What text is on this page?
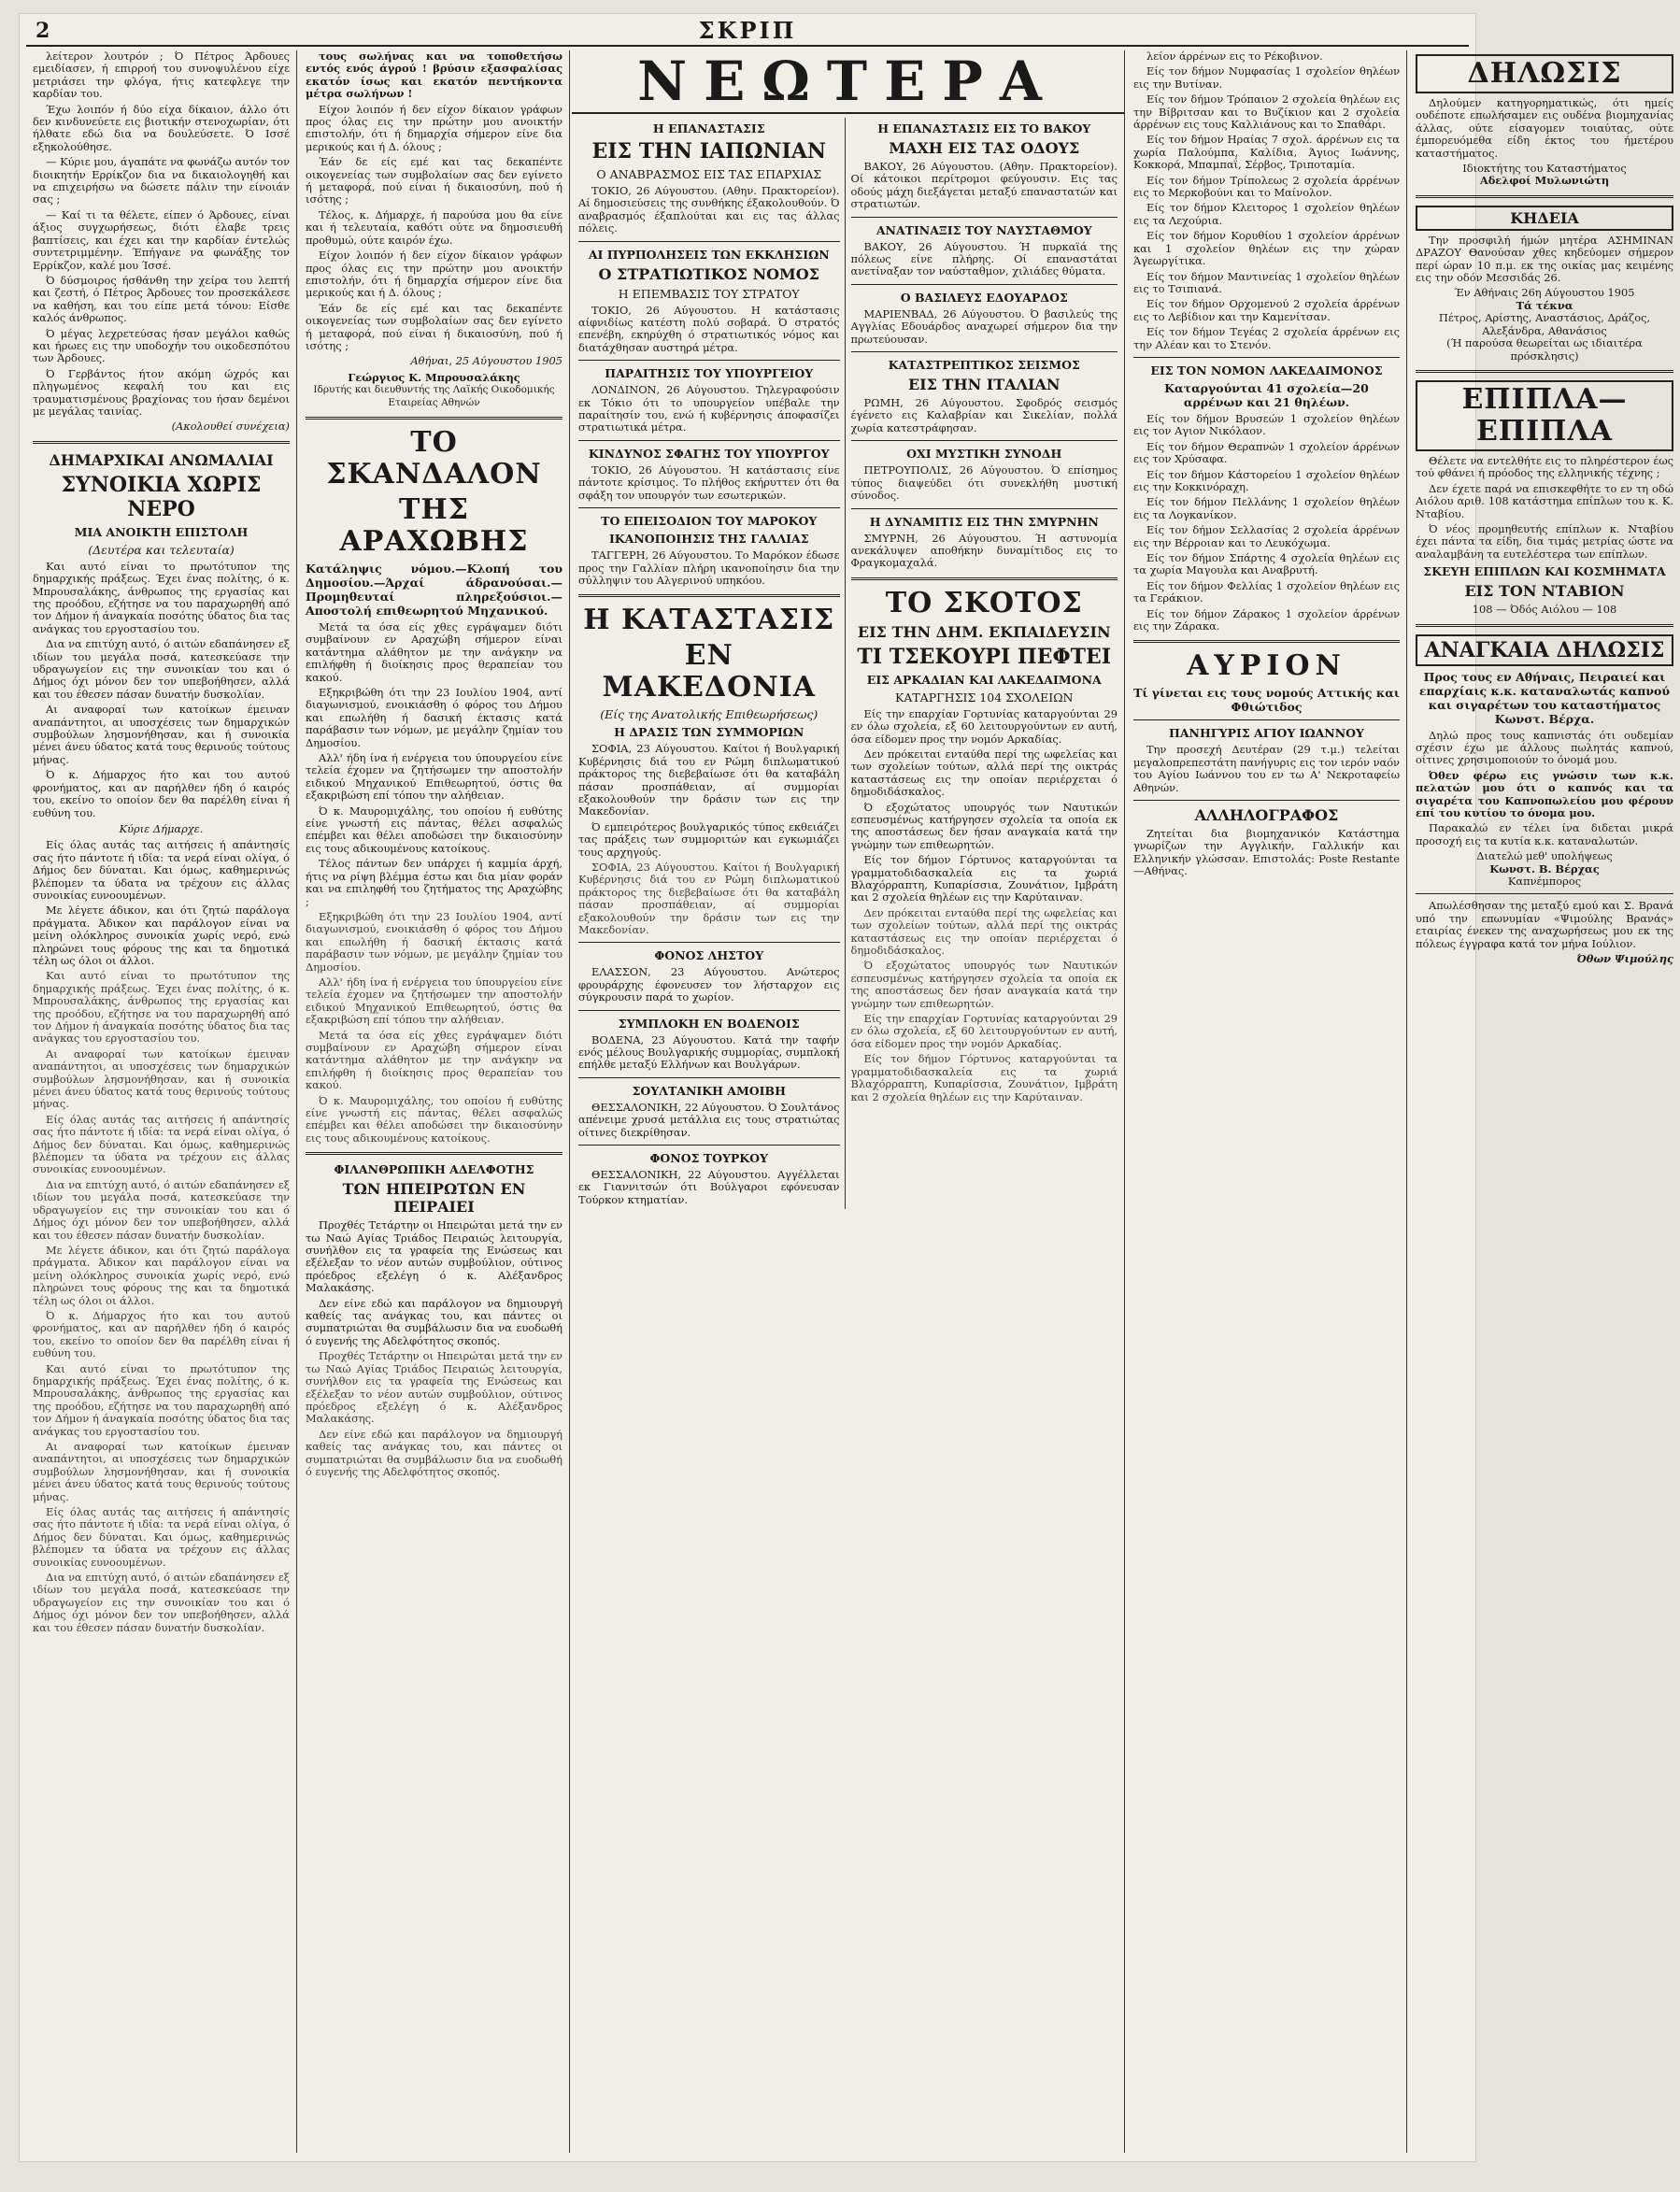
2	ΣΚΡΙΠ

λείτερον λουτρόν ; Ό Πέτρος Άρδουες εμειδίασεν, ή επιρροή του συνοψυλένου είχε μετριάσει την φλόγα, ήτις κατεφλεγε την καρδίαν του.

Έχω λοιπόν ή δύο είχα δίκαιον, άλλο ότι δεν κινδυνεύετε εις βιοτικήν στενοχωρίαν, ότι ήλθατε εδώ δια να δουλεύσετε. Ό Ισσέ εξηκολούθησε.

— Κύριε μου, άγαπάτε να φωνάζω αυτόν τον διοικητήν Ερρίκζον δια να δικαιολογηθή και να επιχειρήσω να δώσετε πάλιν την είνοιάν σας ;

— Καί τι τα θέλετε, είπεν ό Άρδουες, είναι άξιος συγχωρήσεως, διότι έλαβε τρεις βαπτίσεις, και έχει και την καρδίαν έντελώς συντετριμμένην. Έπήγανε να φωνάξης τον Ερρίκζον, καλέ μου Ίσσέ.

Ό δύσμοιρος ήσθάνθη την χείρα του λεπτή και ζεστή, ό Πέτρος Άρδουες τον προσεκάλεσε να καθήση, και του είπε μετά τόνου: Είσθε καλός άνθρωπος.

Ό μέγας λεχρετεύσας ήσαν μεγάλοι καθώς και ήρωες εις την υποδοχήν του οικοδεσπότου των Άρδουες.

Ό Γερβάντος ήτον ακόμη ώχρός και πληγωμένος κεφαλή του και εις τραυματισμένους βραχίονας του ήσαν δεμένοι με μεγάλας ταινίας.

(Ακολουθεί συνέχεια)
ΔΗΜΑΡΧΙΚΑΙ ΑΝΩΜΑΛΙΑΙ
ΣΥΝΟΙΚΙΑ ΧΩΡΙΣ ΝΕΡΟ
ΜΙΑ ΑΝΟΙΚΤΗ ΕΠΙΣΤΟΛΗ
(Δευτέρα και τελευταία)

Και αυτό είναι το πρωτότυπον της δημαρχικής πράξεως. Έχει ένας πολίτης, ό κ. Μπρουσαλάκης, άνθρωπος της εργασίας και της προόδου, εζήτησε να του παραχωρηθή από τον Δήμον ή άναγκαία ποσότης ύδατος δια τας ανάγκας του εργοστασίου του.

Δια να επιτύχη αυτό, ό αιτών εδαπάνησεν εξ ιδίων του μεγάλα ποσά, κατεσκεύασε την υδραγωγείον εις την συνοικίαν του και ό Δήμος όχι μόνον δεν τον υπεβοήθησεν, αλλά και του έθεσεν πάσαν δυνατήν δυσκολίαν.

Αι αναφοραί των κατοίκων έμειναν αναπάντητοι, αι υποσχέσεις των δημαρχικών συμβούλων λησμονήθησαν, και ή συνοικία μένει άνευ ύδατος κατά τους θερινούς τούτους μήνας.

Ό κ. Δήμαρχος ήτο και του αυτού φρονήματος, και αν παρήλθεν ήδη ό καιρός του, εκείνο το οποίον δεν θα παρέλθη είναι ή ευθύνη του.

Κύριε Δήμαρχε.

Είς όλας αυτάς τας αιτήσεις ή απάντησίς σας ήτο πάντοτε ή ιδία: τα νερά είναι ολίγα, ό Δήμος δεν δύναται. Και όμως, καθημερινώς βλέπομεν τα ύδατα να τρέχουν εις άλλας συνοικίας ευνοουμένων.

Με λέγετε άδικον, και ότι ζητώ παράλογα πράγματα. Άδικον και παράλογον είναι να μείνη ολόκληρος συνοικία χωρίς νερό, ενώ πληρώνει τους φόρους της και τα δημοτικά τέλη ως όλοι οι άλλοι.

Και αυτό είναι το πρωτότυπον της δημαρχικής πράξεως. Έχει ένας πολίτης, ό κ. Μπρουσαλάκης, άνθρωπος της εργασίας και της προόδου, εζήτησε να του παραχωρηθή από τον Δήμον ή άναγκαία ποσότης ύδατος δια τας ανάγκας του εργοστασίου του.

Αι αναφοραί των κατοίκων έμειναν αναπάντητοι, αι υποσχέσεις των δημαρχικών συμβούλων λησμονήθησαν, και ή συνοικία μένει άνευ ύδατος κατά τους θερινούς τούτους μήνας.

Είς όλας αυτάς τας αιτήσεις ή απάντησίς σας ήτο πάντοτε ή ιδία: τα νερά είναι ολίγα, ό Δήμος δεν δύναται. Και όμως, καθημερινώς βλέπομεν τα ύδατα να τρέχουν εις άλλας συνοικίας ευνοουμένων.

Δια να επιτύχη αυτό, ό αιτών εδαπάνησεν εξ ιδίων του μεγάλα ποσά, κατεσκεύασε την υδραγωγείον εις την συνοικίαν του και ό Δήμος όχι μόνον δεν τον υπεβοήθησεν, αλλά και του έθεσεν πάσαν δυνατήν δυσκολίαν.

Με λέγετε άδικον, και ότι ζητώ παράλογα πράγματα. Άδικον και παράλογον είναι να μείνη ολόκληρος συνοικία χωρίς νερό, ενώ πληρώνει τους φόρους της και τα δημοτικά τέλη ως όλοι οι άλλοι.

Ό κ. Δήμαρχος ήτο και του αυτού φρονήματος, και αν παρήλθεν ήδη ό καιρός του, εκείνο το οποίον δεν θα παρέλθη είναι ή ευθύνη του.

Και αυτό είναι το πρωτότυπον της δημαρχικής πράξεως. Έχει ένας πολίτης, ό κ. Μπρουσαλάκης, άνθρωπος της εργασίας και της προόδου, εζήτησε να του παραχωρηθή από τον Δήμον ή άναγκαία ποσότης ύδατος δια τας ανάγκας του εργοστασίου του.

Αι αναφοραί των κατοίκων έμειναν αναπάντητοι, αι υποσχέσεις των δημαρχικών συμβούλων λησμονήθησαν, και ή συνοικία μένει άνευ ύδατος κατά τους θερινούς τούτους μήνας.

Είς όλας αυτάς τας αιτήσεις ή απάντησίς σας ήτο πάντοτε ή ιδία: τα νερά είναι ολίγα, ό Δήμος δεν δύναται. Και όμως, καθημερινώς βλέπομεν τα ύδατα να τρέχουν εις άλλας συνοικίας ευνοουμένων.

Δια να επιτύχη αυτό, ό αιτών εδαπάνησεν εξ ιδίων του μεγάλα ποσά, κατεσκεύασε την υδραγωγείον εις την συνοικίαν του και ό Δήμος όχι μόνον δεν τον υπεβοήθησεν, αλλά και του έθεσεν πάσαν δυνατήν δυσκολίαν.

τους σωλήνας και να τοποθετήσω εντός ενός άγρού ! βρύσιν εξασφαλίσας εκατόν ίσως και εκατόν πεντήκοντα μέτρα σωλήνων !

Είχον λοιπόν ή δεν είχον δίκαιον γράφων προς όλας εις την πρώτην μου ανοικτήν επιστολήν, ότι ή δημαρχία σήμερον είνε δια μερικούς και ή Δ. όλους ;

Έάν δε είς εμέ και τας δεκαπέντε οικογενείας των συμβολαίων σας δεν εγίνετο ή μεταφορά, πού είναι ή δικαιοσύνη, πού ή ισότης ;

Τέλος, κ. Δήμαρχε, ή παρούσα μου θα είνε και ή τελευταία, καθότι ούτε να δημοσιευθή προθυμώ, ούτε καιρόν έχω.

Είχον λοιπόν ή δεν είχον δίκαιον γράφων προς όλας εις την πρώτην μου ανοικτήν επιστολήν, ότι ή δημαρχία σήμερον είνε δια μερικούς και ή Δ. όλους ;

Έάν δε είς εμέ και τας δεκαπέντε οικογενείας των συμβολαίων σας δεν εγίνετο ή μεταφορά, πού είναι ή δικαιοσύνη, πού ή ισότης ;

Αθήναι, 25 Αύγουστου 1905
Γεώργιος Κ. Μπρουσαλάκης
Ιδρυτής και διευθυντής της Λαϊκής Οικοδομικής Εταιρείας Αθηνών
ΤΟ ΣΚΑΝΔΑΛΟΝ
ΤΗΣ ΑΡΑΧΩΒΗΣ
Κατάληψις νόμου.—Κλοπή του Δημοσίου.—Άρχαί άδρανούσαι.—Προμηθευταί πληρεξούσιοι.—Αποστολή επιθεωρητού Μηχανικού.

Μετά τα όσα είς χθες εγράψαμεν διότι συμβαίνουν εν Αραχώβη σήμερον είναι κατάντημα αλάθητον με την ανάγκην να επιλήφθη ή διοίκησις προς θεραπείαν του κακού.

Εξηκριβώθη ότι την 23 Ιουλίου 1904, αντί διαγωνισμού, ενοικιάσθη ό φόρος του Δήμου και επωλήθη ή δασική έκτασις κατά παράβασιν των νόμων, με μεγάλην ζημίαν του Δημοσίου.

Αλλ' ήδη ίνα ή ενέργεια του ύπουργείου είνε τελεία έχομεν να ζητήσωμεν την αποστολήν ειδικού Μηχανικού Επιθεωρητού, όστις θα εξακριβώση επί τόπου την αλήθειαν.

Ό κ. Μαυρομιχάλης, του οποίου ή ευθύτης είνε γνωστή εις πάντας, θέλει ασφαλώς επέμβει και θέλει αποδώσει την δικαιοσύνην εις τους αδικουμένους κατοίκους.

Τέλος πάντων δεν υπάρχει ή καμμία άρχή, ήτις να ρίψη βλέμμα έστω και δια μίαν φοράν και να επιληφθή του ζητήματος της Αραχώβης ;

Εξηκριβώθη ότι την 23 Ιουλίου 1904, αντί διαγωνισμού, ενοικιάσθη ό φόρος του Δήμου και επωλήθη ή δασική έκτασις κατά παράβασιν των νόμων, με μεγάλην ζημίαν του Δημοσίου.

Αλλ' ήδη ίνα ή ενέργεια του ύπουργείου είνε τελεία έχομεν να ζητήσωμεν την αποστολήν ειδικού Μηχανικού Επιθεωρητού, όστις θα εξακριβώση επί τόπου την αλήθειαν.

Μετά τα όσα είς χθες εγράψαμεν διότι συμβαίνουν εν Αραχώβη σήμερον είναι κατάντημα αλάθητον με την ανάγκην να επιλήφθη ή διοίκησις προς θεραπείαν του κακού.

Ό κ. Μαυρομιχάλης, του οποίου ή ευθύτης είνε γνωστή εις πάντας, θέλει ασφαλώς επέμβει και θέλει αποδώσει την δικαιοσύνην εις τους αδικουμένους κατοίκους.

ΦΙΛΑΝΘΡΩΠΙΚΗ ΑΔΕΛΦΟΤΗΣ
ΤΩΝ ΗΠΕΙΡΩΤΩΝ ΕΝ ΠΕΙΡΑΙΕΙ

Προχθές Τετάρτην οι Ηπειρώται μετά την εν τω Ναώ Αγίας Τριάδος Πειραιώς λειτουργία, συνήλθον εις τα γραφεία της Ενώσεως και εξέλεξαν το νέον αυτών συμβούλιον, ούτινος πρόεδρος εξελέγη ό κ. Αλέξανδρος Μαλακάσης.

Δεν είνε εδώ και παράλογον να δημιουργή καθείς τας ανάγκας του, και πάντες οι συμπατριώται θα συμβάλωσιν δια να ευοδωθή ό ευγενής της Αδελφότητος σκοπός.

Προχθές Τετάρτην οι Ηπειρώται μετά την εν τω Ναώ Αγίας Τριάδος Πειραιώς λειτουργία, συνήλθον εις τα γραφεία της Ενώσεως και εξέλεξαν το νέον αυτών συμβούλιον, ούτινος πρόεδρος εξελέγη ό κ. Αλέξανδρος Μαλακάσης.

Δεν είνε εδώ και παράλογον να δημιουργή καθείς τας ανάγκας του, και πάντες οι συμπατριώται θα συμβάλωσιν δια να ευοδωθή ό ευγενής της Αδελφότητος σκοπός.

ΝΕΩΤΕΡΑ
Η ΕΠΑΝΑΣΤΑΣΙΣ
ΕΙΣ ΤΗΝ ΙΑΠΩΝΙΑΝ
Ο ΑΝΑΒΡΑΣΜΟΣ ΕΙΣ ΤΑΣ ΕΠΑΡΧΙΑΣ

ΤΟΚΙΟ, 26 Αύγουστου. (Αθην. Πρακτορείον). Αί δημοσιεύσεις της συνθήκης έξακολουθούν. Ό αναβρασμός έξαπλούται και εις τας άλλας πόλεις.

ΑΙ ΠΥΡΠΟΛΗΣΕΙΣ ΤΩΝ ΕΚΚΛΗΣΙΩΝ
Ο ΣΤΡΑΤΙΩΤΙΚΟΣ ΝΟΜΟΣ
Η ΕΠΕΜΒΑΣΙΣ ΤΟΥ ΣΤΡΑΤΟΥ

ΤΟΚΙΟ, 26 Αύγουστου. Η κατάστασις αίφνιδίως κατέστη πολύ σοβαρά. Ό στρατός επενέβη, εκηρύχθη ό στρατιωτικός νόμος και διατάχθησαν αυστηρά μέτρα.

ΠΑΡΑΙΤΗΣΙΣ ΤΟΥ ΥΠΟΥΡΓΕΙΟΥ

ΛΟΝΔΙΝΟΝ, 26 Αύγουστου. Τηλεγραφούσιν εκ Τόκιο ότι το υπουργείον υπέβαλε την παραίτησίν του, ενώ ή κυβέρνησις άποφασίζει στρατιωτικά μέτρα.

ΚΙΝΔΥΝΟΣ ΣΦΑΓΗΣ ΤΟΥ ΥΠΟΥΡΓΟΥ

ΤΟΚΙΟ, 26 Αύγουστου. Ή κατάστασις είνε πάντοτε κρίσιμος. Το πλήθος εκήρυττεν ότι θα σφάξη τον υπουργόν των εσωτερικών.

ΤΟ ΕΠΕΙΣΟΔΙΟΝ ΤΟΥ ΜΑΡΟΚΟΥ
ΙΚΑΝΟΠΟΙΗΣΙΣ ΤΗΣ ΓΑΛΛΙΑΣ

ΤΑΓΓΕΡΗ, 26 Αύγουστου. Το Μαρόκον έδωσε προς την Γαλλίαν πλήρη ικανοποίησιν δια την σύλληψιν του Αλγερινού υπηκόου.

Η ΚΑΤΑΣΤΑΣΙΣ
ΕΝ ΜΑΚΕΔΟΝΙΑ
(Είς της Ανατολικής Επιθεωρήσεως)
Η ΔΡΑΣΙΣ ΤΩΝ ΣΥΜΜΟΡΙΩΝ

ΣΟΦΙΑ, 23 Αύγουστου. Καίτοι ή Βουλγαρική Κυβέρνησις διά του εν Ρώμη διπλωματικού πράκτορος της διεβεβαίωσε ότι θα καταβάλη πάσαν προσπάθειαν, αί συμμορίαι εξακολουθούν την δράσιν των εις την Μακεδονίαν.

Ό εμπειρότερος βουλγαρικός τύπος εκθειάζει τας πράξεις των συμμοριτών και εγκωμιάζει τους αρχηγούς.

ΣΟΦΙΑ, 23 Αύγουστου. Καίτοι ή Βουλγαρική Κυβέρνησις διά του εν Ρώμη διπλωματικού πράκτορος της διεβεβαίωσε ότι θα καταβάλη πάσαν προσπάθειαν, αί συμμορίαι εξακολουθούν την δράσιν των εις την Μακεδονίαν.

ΦΟΝΟΣ ΛΗΣΤΟΥ

ΕΛΑΣΣΟΝ, 23 Αύγουστου. Ανώτερος φρουράρχης έφονευσεν τον λήσταρχον εις σύγκρουσιν παρά το χωρίον.

ΣΥΜΠΛΟΚΗ ΕΝ ΒΟΔΕΝΟΙΣ

ΒΟΔΕΝΑ, 23 Αύγουστου. Κατά την ταφήν ενός μέλους Βουλγαρικής συμμορίας, συμπλοκή επήλθε μεταξύ Ελλήνων και Βουλγάρων.

ΣΟΥΛΤΑΝΙΚΗ ΑΜΟΙΒΗ

ΘΕΣΣΑΛΟΝΙΚΗ, 22 Αύγουστου. Ό Σουλτάνος απένειμε χρυσά μετάλλια εις τους στρατιώτας οίτινες διεκρίθησαν.

ΦΟΝΟΣ ΤΟΥΡΚΟΥ

ΘΕΣΣΑΛΟΝΙΚΗ, 22 Αύγουστου. Αγγέλλεται εκ Γιαννιτσών ότι Βούλγαροι εφόνευσαν Τούρκον κτηματίαν.

Η ΕΠΑΝΑΣΤΑΣΙΣ ΕΙΣ ΤΟ ΒΑΚΟΥ
ΜΑΧΗ ΕΙΣ ΤΑΣ ΟΔΟΥΣ

ΒΑΚΟΥ, 26 Αύγουστου. (Αθην. Πρακτορείον). Οί κάτοικοι περίτρομοι φεύγουσιν. Εις τας οδούς μάχη διεξάγεται μεταξύ επαναστατών και στρατιωτών.

ΑΝΑΤΙΝΑΞΙΣ ΤΟΥ ΝΑΥΣΤΑΘΜΟΥ

ΒΑΚΟΥ, 26 Αύγουστου. Ή πυρκαϊά της πόλεως είνε πλήρης. Οί επαναστάται ανετίναξαν τον ναύσταθμον, χιλιάδες θύματα.

Ο ΒΑΣΙΛΕΥΣ ΕΔΟΥΑΡΔΟΣ

ΜΑΡΙΕΝΒΑΔ, 26 Αύγουστου. Ό βασιλεύς της Αγγλίας Εδουάρδος αναχωρεί σήμερον δια την πρωτεύουσαν.

ΚΑΤΑΣΤΡΕΠΤΙΚΟΣ ΣΕΙΣΜΟΣ
ΕΙΣ ΤΗΝ ΙΤΑΛΙΑΝ

ΡΩΜΗ, 26 Αύγουστου. Σφοδρός σεισμός έγένετο εις Καλαβρίαν και Σικελίαν, πολλά χωρία κατεστράφησαν.

ΟΧΙ ΜΥΣΤΙΚΗ ΣΥΝΟΔΗ

ΠΕΤΡΟΥΠΟΛΙΣ, 26 Αύγουστου. Ό επίσημος τύπος διαψεύδει ότι συνεκλήθη μυστική σύνοδος.

Η ΔΥΝΑΜΙΤΙΣ ΕΙΣ ΤΗΝ ΣΜΥΡΝΗΝ

ΣΜΥΡΝΗ, 26 Αύγουστου. Ή αστυνομία ανεκάλυψεν αποθήκην δυναμίτιδος εις το Φραγκομαχαλά.

ΤΟ ΣΚΟΤΟΣ
ΕΙΣ ΤΗΝ ΔΗΜ. ΕΚΠΑΙΔΕΥΣΙΝ
ΤΙ ΤΣΕΚΟΥΡΙ ΠΕΦΤΕΙ
ΕΙΣ ΑΡΚΑΔΙΑΝ ΚΑΙ ΛΑΚΕΔΑΙΜΟΝΑ
ΚΑΤΑΡΓΗΣΙΣ 104 ΣΧΟΛΕΙΩΝ

Είς την επαρχίαν Γορτυνίας καταργούνται 29 εν όλω σχολεία, εξ 60 λειτουργούντων εν αυτή, όσα είδομεν προς την νομόν Αρκαδίας.

Δεν πρόκειται ενταύθα περί της ωφελείας και των σχολείων τούτων, αλλά περί της οικτράς καταστάσεως εις την οποίαν περιέρχεται ό δημοδιδάσκαλος.

Ό εξοχώτατος υπουργός των Ναυτικών εσπευσμένως κατήργησεν σχολεία τα οποία εκ της αποστάσεως δεν ήσαν αναγκαία κατά την γνώμην των επιθεωρητών.

Είς τον δήμον Γόρτυνος καταργούνται τα γραμματοδιδασκαλεία εις τα χωριά Βλαχόρραπτη, Κυπαρίσσια, Ζουνάτιον, Ιμβράτη και 2 σχολεία θηλέων εις την Καρύταιναν.

Δεν πρόκειται ενταύθα περί της ωφελείας και των σχολείων τούτων, αλλά περί της οικτράς καταστάσεως εις την οποίαν περιέρχεται ό δημοδιδάσκαλος.

Ό εξοχώτατος υπουργός των Ναυτικών εσπευσμένως κατήργησεν σχολεία τα οποία εκ της αποστάσεως δεν ήσαν αναγκαία κατά την γνώμην των επιθεωρητών.

Είς την επαρχίαν Γορτυνίας καταργούνται 29 εν όλω σχολεία, εξ 60 λειτουργούντων εν αυτή, όσα είδομεν προς την νομόν Αρκαδίας.

Είς τον δήμον Γόρτυνος καταργούνται τα γραμματοδιδασκαλεία εις τα χωριά Βλαχόρραπτη, Κυπαρίσσια, Ζουνάτιον, Ιμβράτη και 2 σχολεία θηλέων εις την Καρύταιναν.

λείον άρρένων εις το Ρέκοβινον.

Είς τον δήμον Νυμφασίας 1 σχολείον θηλέων εις την Βυτίναν.

Είς τον δήμον Τρόπαιον 2 σχολεία θηλέων εις την Βίβριτσαν και το Βυζίκιον και 2 σχολεία άρρένων εις τους Καλλιάνους και το Σπαθάρι.

Είς τον δήμον Ηραίας 7 σχολ. άρρένων εις τα χωρία Παλούμπα, Καλίδια, Άγιος Ιωάννης, Κοκκορά, Μπαμπαΐ, Σέρβος, Τριποταμία.

Είς τον δήμον Τρίπολεως 2 σχολεία άρρένων εις το Μερκοβούνι και το Μαίνολον.

Είς τον δήμον Κλειτορος 1 σχολείον θηλέων εις τα Λεχούρια.

Είς τον δήμον Κορυθίου 1 σχολείον άρρένων και 1 σχολείον θηλέων εις την χώραν Άγεωργίτικα.

Είς τον δήμον Μαντινείας 1 σχολείον θηλέων εις το Τσιπιανά.

Είς τον δήμον Ορχομενού 2 σχολεία άρρένων εις το Λεβίδιον και την Καμενίτσαν.

Είς τον δήμον Τεγέας 2 σχολεία άρρένων εις την Αλέαν και το Στενόν.

ΕΙΣ ΤΟΝ ΝΟΜΟΝ ΛΑΚΕΔΑΙΜΟΝΟΣ
Καταργούνται 41 σχολεία—20 αρρένων και 21 θηλέων.

Είς τον δήμον Βρυσεών 1 σχολείον θηλέων εις τον Αγιον Νικόλαον.

Είς τον δήμον Θεραπνών 1 σχολείον άρρένων εις τον Χρύσαφα.

Είς τον δήμον Κάστορείου 1 σχολείον θηλέων εις την Κοκκινόραχη.

Είς τον δήμον Πελλάνης 1 σχολείον θηλέων εις τα Λογκανίκον.

Είς τον δήμον Σελλασίας 2 σχολεία άρρένων εις την Βέρροιαν και το Λευκόχωμα.

Είς τον δήμον Σπάρτης 4 σχολεία θηλέων εις τα χωρία Μαγουλα και Αναβρυτή.

Είς τον δήμον Φελλίας 1 σχολείον θηλέων εις τα Γεράκιον.

Είς τον δήμον Ζάρακος 1 σχολείον άρρένων εις την Ζάρακα.

ΑΥΡΙΟΝ
Τί γίνεται εις τους νομούς Αττικής και Φθιώτιδος
ΠΑΝΗΓΥΡΙΣ ΑΓΙΟΥ ΙΩΑΝΝΟΥ

Την προσεχή Δευτέραν (29 τ.μ.) τελείται μεγαλοπρεπεστάτη πανήγυρις εις τον ιερόν ναόν του Αγίου Ιωάννου του εν τω Α' Νεκροταφείω Αθηνών.

ΑΛΛΗΛΟΓΡΑΦΟΣ

Ζητείται δια βιομηχανικόν Κατάστημα γνωρίζων την Αγγλικήν, Γαλλικήν και Ελληνικήν γλώσσαν. Επιστολάς: Poste Restante—Αθήνας.

ΔΗΛΩΣΙΣ

Δηλούμεν κατηγορηματικώς, ότι ημείς ουδέποτε επωλήσαμεν εις ουδένα βιομηχανίας άλλας, ούτε είσαγομεν τοιαύτας, ούτε έμπορευόμεθα είδη έκτος του ήμετέρου καταστήματος.

Ιδιοκτήτης του Καταστήματος
Αδελφοί Μυλωνιώτη
ΚΗΔΕΙΑ

Την προσφιλή ήμών μητέρα ΑΣΗΜΙΝΑΝ ΔΡΑΖΟΥ Θανούσαν χθες κηδεύομεν σήμερον περί ώραν 10 π.μ. εκ της οικίας μας κειμένης εις την οδόν Μεσσιδάς 26.

Έν Αθήναις 26η Αύγουστου 1905
Τά τέκνα
Πέτρος, Αρίστης, Αναστάσιος, Δράζος, Αλεξάνδρα, Αθανάσιος
(Ή παρούσα θεωρείται ως ιδιαιτέρα πρόσκλησις)
ΕΠΙΠΛΑ—ΕΠΙΠΛΑ

Θέλετε να εντελθήτε εις το πληρέστερον έως τού φθάνει ή πρόοδος της ελληνικής τέχνης ;

Δεν έχετε παρά να επισκεφθήτε το εν τη οδώ Αιόλου αριθ. 108 κατάστημα επίπλων του κ. Κ. Νταβίου.

Ό νέος προμηθευτής επίπλων κ. Νταβίου έχει πάντα τα είδη, δια τιμάς μετρίας ώστε να αναλαμβάνη τα ευτελέστερα των επίπλων.

ΣΚΕΥΗ ΕΠΙΠΛΩΝ ΚΑΙ ΚΟΣΜΗΜΑΤΑ
ΕΙΣ ΤΟΝ ΝΤΑΒΙΟΝ
108 — Όδός Αιόλου — 108
ΑΝΑΓΚΑΙΑ ΔΗΛΩΣΙΣ
Προς τους εν Αθήναις, Πειραιεί και επαρχίαις κ.κ. καταναλωτάς καπνού και σιγαρέτων του καταστήματος Κωνστ. Βέρχα.

Δηλώ προς τους καπνιστάς ότι ουδεμίαν σχέσιν έχω με άλλους πωλητάς καπνού, οίτινες χρησιμοποιούν το όνομά μου.

Όθεν φέρω εις γνώσιν των κ.κ. πελατών μου ότι ο καπνός και τα σιγαρέτα του Καπνοπωλείου μου φέρουν επί του κυτίου το όνομα μου.

Παρακαλώ εν τέλει ίνα διδεται μικρά προσοχή εις τα κυτία κ.κ. καταναλωτών.

Διατελώ μεθ' υπολήψεως
Κωνστ. Β. Βέρχας
Καπνέμπορος

Απωλέσθησαν της μεταξύ εμού και Σ. Βρανά υπό την επωνυμίαν «Ψιμούλης Βρανάς» εταιρίας ένεκεν της αναχωρήσεως μου εκ της πόλεως έγγραφα κατά τον μήνα Ιούλιον.

Όθων Ψιμούλης
